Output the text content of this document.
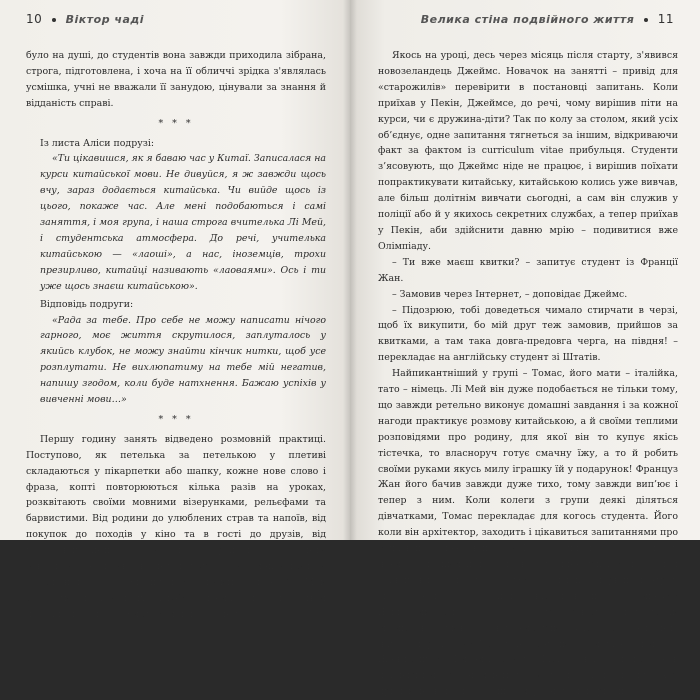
10 Віктор чаді

було на душі, до студентів вона завжди приходила зібрана, строга, підготовлена, і хоча на її обличчі зрідка з'являлась усмішка, учні не вважали її занудою, цінували за знання й відданість справі.

* * *

Із листа Аліси подрузі:

«Ти цікавишся, як я баваю час у Китаї. Записалася на курси китайської мови. Не дивуйся, я ж завжди щось вчу, зараз додається китайська. Чи вийде щось із цього, покаже час. Але мені подобаються і самі заняття, і моя група, і наша строга вчителька Лі Мей, і студентська атмосфера. До речі, учителька китайською — «лаоші», а нас, іноземців, трохи презирливо, китайці називають «лаоваями». Ось і ти уже щось знаєш китайською».

Відповідь подруги:

«Рада за тебе. Про себе не можу написати нічого гарного, моє життя скрутилося, заплуталось у якийсь клубок, не можу знайти кінчик нитки, щоб усе розплутати. Не вихлюпатиму на тебе мій негатив, напишу згодом, коли буде натхнення. Бажаю успіхів у вивченні мови…»

* * *

Першу годину занять відведено розмовній практиці. Поступово, як петелька за петелькою у плетиві складаються у пікарпетки або шапку, кожне нове слово і фраза, копті повторюються кілька разів на уроках, розквітають своїми мовними візерунками, рельєфами та барвистими. Від родини до улюблених страв та напоїв, від покупок до походів у кіно та в гості до друзів, від улюблених книг і фільмів до подорожей – із кожним заняттям діалог значно деталізується, із кожним кроком лексичний запас збільшується, досить легше Лі Мей розуміти цих кумедних лаоваїв. Від них вона з’являються цікаві подробиці особистого життя кожного.

Велика стіна подвійного життя 11

Якось на уроці, десь через місяць після старту, з'явився новозеландець Джеймс. Новачок на занятті – привід для «старожилів» перевірити в постановці запитань. Коли приїхав у Пекін, Джеймсе, до речі, чому вирішив піти на курси, чи є дружина-діти? Так по колу за столом, який усіх об’єднує, одне запитання тягнеться за іншим, відкриваючи факт за фактом із curriculum vitae прибульця. Студенти з’ясовують, що Джеймс ніде не працює, і вирішив поїхати попрактикувати китайську, китайською колись уже вивчав, але більш долітнім вивчати сьогодні, а сам він служив у поліції або й у якихось секретних службах, а тепер приїхав у Пекін, аби здійснити давню мрію – подивитися вже Олімпіаду.

– Ти вже маєш квитки? – запитує студент із Франції Жан.

– Замовив через Інтернет, – доповідає Джеймс.

– Підозрюю, тобі доведеться чимало стирчати в черзі, щоб їх викупити, бо мій друг теж замовив, прийшов за квитками, а там така довга-предовга черга, на півдня! – перекладає на англійську студент зі Штатів.

Найпикантніший у групі – Томас, його мати – італійка, тато – німець. Лі Мей він дуже подобається не тільки тому, що завжди ретельно виконує домашні завдання і за кожної нагоди практикує розмову китайською, а й своїми теплими розповідями про родину, для якої він то купує якісь тістечка, то власноруч готує смачну їжу, а то й робить своїми руками якусь милу іграшку їй у подарунок! Француз Жан його бачив завжди дуже тихо, тому завжди вип’ює і тепер з ним. Коли колеги з групи деякі діляться дівчатками, Томас перекладає для когось студента. Його коли він архітектор, заходить і цікавиться запитаннями про сучасний будівельний бум Пекіна: чи подобається йому новий Олімпійський стадіон «Пташине гніздо» та Палац водних видів спорту – «куб»? А новий оперний театр у вигляді напівсфери, який у народі називають «яйцем»? Якщо чим тримається будівля телецентру з двох, трохи скривлених один до одного висотних хмарочосів, з’єднаних нагорі переходом? Усі дуже зраділи, коли дізналися, що Жан приїхав у Китай із самого Парижа, навіть не пробував подивитися це знаменитого міста все його групу. Але припоминав що лише тишком француз товаришів
